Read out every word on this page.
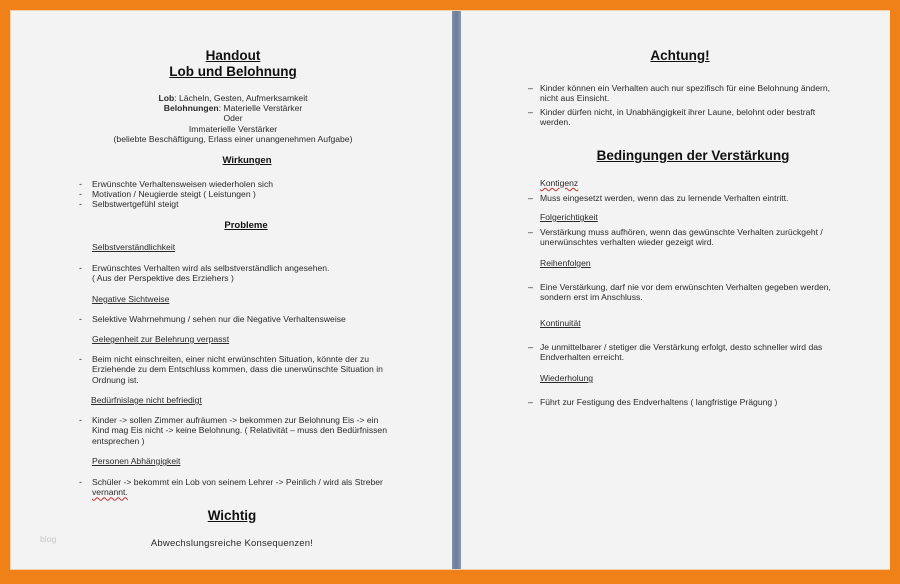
Handout
Lob und Belohnung
Lob: Lächeln, Gesten, Aufmerksamkeit
Belohnungen: Materielle Verstärker
Oder
Immaterielle Verstärker
(beliebte Beschäftigung, Erlass einer unangenehmen Aufgabe)
Wirkungen
- Erwünschte Verhaltensweisen wiederholen sich
- Motivation / Neugierde steigt ( Leistungen )
- Selbstwertgefühl steigt
Probleme
Selbstverständlichkeit
- Erwünschtes Verhalten wird als selbstverständlich angesehen.
( Aus der Perspektive des Erziehers )
Negative Sichtweise
- Selektive Wahrnehmung / sehen nur die Negative Verhaltensweise
Gelegenheit zur Belehrung verpasst
- Beim nicht einschreiten, einer nicht erwünschten Situation, könnte der zu
Erziehende zu dem Entschluss kommen, dass die unerwünschte Situation in
Ordnung ist.
Bedürfnislage nicht befriedigt
- Kinder -> sollen Zimmer aufräumen -> bekommen zur Belohnung Eis -> ein
Kind mag Eis nicht -> keine Belohnung. ( Relativität – muss den Bedürfnissen
entsprechen )
Personen Abhängigkeit
- Schüler -> bekommt ein Lob von seinem Lehrer -> Peinlich / wird als Streber
vernannt.
Wichtig
blog	Abwechslungsreiche Konsequenzen!
Achtung!
– Kinder können ein Verhalten auch nur spezifisch für eine Belohnung ändern,
nicht aus Einsicht.
– Kinder dürfen nicht, in Unabhängigkeit ihrer Laune, belohnt oder bestraft
werden.
Bedingungen der Verstärkung
Kontigenz
– Muss eingesetzt werden, wenn das zu lernende Verhalten eintritt.
Folgerichtigkeit
– Verstärkung muss aufhören, wenn das gewünschte Verhalten zurückgeht /
unerwünschtes verhalten wieder gezeigt wird.
Reihenfolgen
– Eine Verstärkung, darf nie vor dem erwünschten Verhalten gegeben werden,
sondern erst im Anschluss.
Kontinuität
– Je unmittelbarer / stetiger die Verstärkung erfolgt, desto schneller wird das
Endverhalten erreicht.
Wiederholung
– Führt zur Festigung des Endverhaltens ( langfristige Prägung )
